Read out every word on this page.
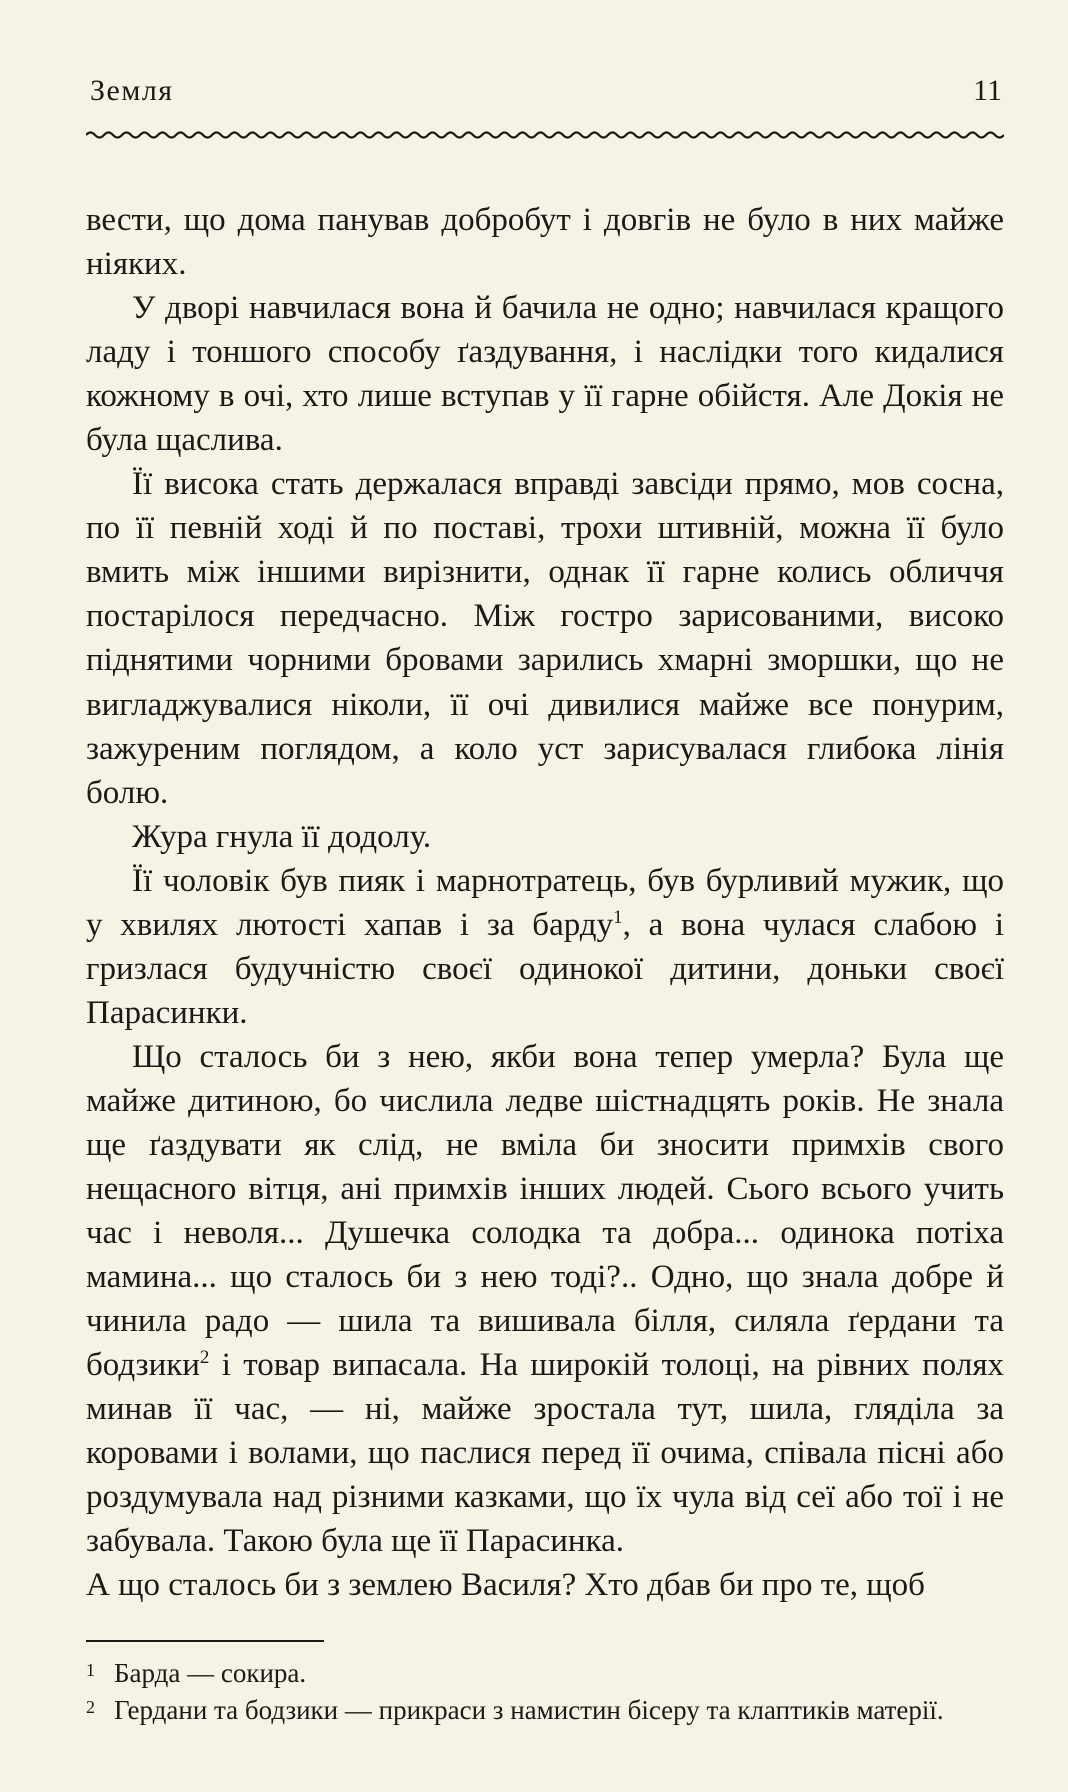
Земля	11

вести, що дома панував добробут і довгів не було в них майже ніяких.

У дворі навчилася вона й бачила не одно; навчилася кращого ладу і тоншого способу ґаздування, і наслідки того кидалися кожному в очі, хто лише вступав у її гарне обійстя. Але Докія не була щаслива.

Її висока стать держалася вправді завсіди прямо, мов сосна, по її певній ході й по поставі, трохи штивній, можна її було вмить між іншими вирізнити, однак її гарне колись обличчя постарілося передчасно. Між гостро зарисованими, високо піднятими чорними бровами зарились хмарні зморшки, що не вигладжувалися ніколи, її очі дивилися майже все понурим, зажуреним поглядом, а коло уст зарисувалася глибока лінія болю.

Жура гнула її додолу.

Її чоловік був пияк і марнотратець, був бурливий мужик, що у хвилях лютості хапав і за барду$^1$, а вона чулася слабою і гризлася будучністю своєї одинокої дитини, доньки своєї Парасинки.

Що сталось би з нею, якби вона тепер умерла? Була ще майже дитиною, бо числила ледве шістнадцять років. Не знала ще ґаздувати як слід, не вміла би зносити примхів свого нещасного вітця, ані примхів інших людей. Сього всього учить час і неволя... Душечка солодка та добра... одинока потіха мамина... що сталось би з нею тоді?.. Одно, що знала добре й чинила радо — шила та вишивала білля, силяла ґердани та бодзики$^2$ і товар випасала. На широкій толоці, на рівних полях минав її час, — ні, майже зростала тут, шила, гляділа за коровами і волами, що паслися перед її очима, співала пісні або роздумувала над різними казками, що їх чула від сеї або тої і не забувала. Такою була ще її Парасинка.

А що сталось би з землею Василя? Хто дбав би про те, щоб

1 Барда — сокира.
2 Гердани та бодзики — прикраси з намистин бісеру та клаптиків матерії.
